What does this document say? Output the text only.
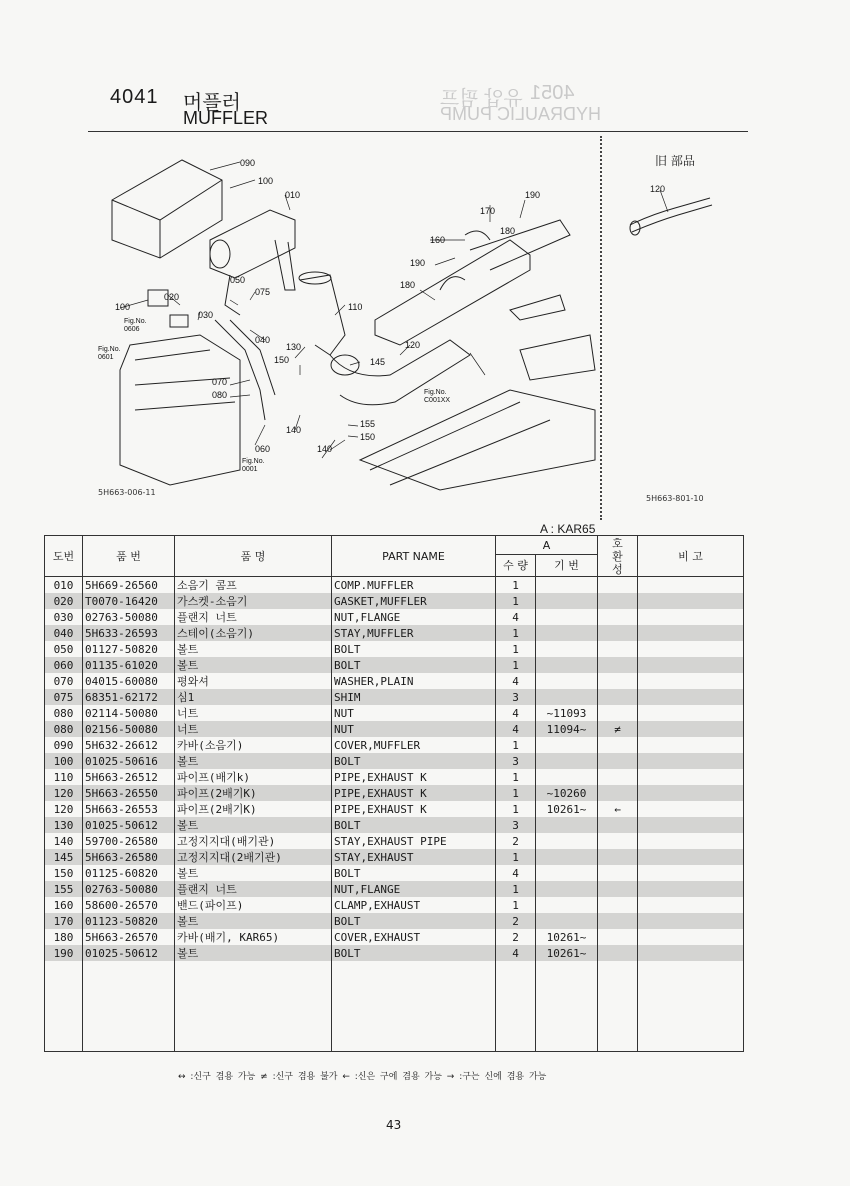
4051
유압 펌프
HYDRAULIC PUMP
4041 머플러
MUFFLER
090
100
010
100
020
030
050
075
040
130
150
070
080
060
140
110
145
120
180
190
170
180
160
190
155
150
140
Fig.No.
0606
Fig.No.
0601
Fig.No.
C001XX
Fig.No.
0001
旧 部品
120
5H663-006-11
5H663-801-10
A : KAR65
도번	품 번	품 명	PART NAME	A		호
환
성	비 고
				수 량	기 번		
010	5H669-26560	소음기 콤프	COMP.MUFFLER	1			
020	T0070-16420	가스켓-소음기	GASKET,MUFFLER	1			
030	02763-50080	플랜지 너트	NUT,FLANGE	4			
040	5H633-26593	스테이(소음기)	STAY,MUFFLER	1			
050	01127-50820	볼트	BOLT	1			
060	01135-61020	볼트	BOLT	1			
070	04015-60080	평와셔	WASHER,PLAIN	4			
075	68351-62172	심1	SHIM	3			
080	02114-50080	너트	NUT	4	~11093		
080	02156-50080	너트	NUT	4	11094~	≠	
090	5H632-26612	카바(소음기)	COVER,MUFFLER	1			
100	01025-50616	볼트	BOLT	3			
110	5H663-26512	파이프(배기k)	PIPE,EXHAUST K	1			
120	5H663-26550	파이프(2배기K)	PIPE,EXHAUST K	1	~10260		
120	5H663-26553	파이프(2배기K)	PIPE,EXHAUST K	1	10261~	←	
130	01025-50612	볼트	BOLT	3			
140	59700-26580	고정지지대(배기관)	STAY,EXHAUST PIPE	2			
145	5H663-26580	고정지지대(2배기관)	STAY,EXHAUST	1			
150	01125-60820	볼트	BOLT	4			
155	02763-50080	플랜지 너트	NUT,FLANGE	1			
160	58600-26570	밴드(파이프)	CLAMP,EXHAUST	1			
170	01123-50820	볼트	BOLT	2			
180	5H663-26570	카바(배기, KAR65)	COVER,EXHAUST	2	10261~		
190	01025-50612	볼트	BOLT	4	10261~		

↔ :신구 겸용 가능 ≠ :신구 겸용 불가 ← :신은 구에 겸용 가능 → :구는 신에 겸용 가능
43
